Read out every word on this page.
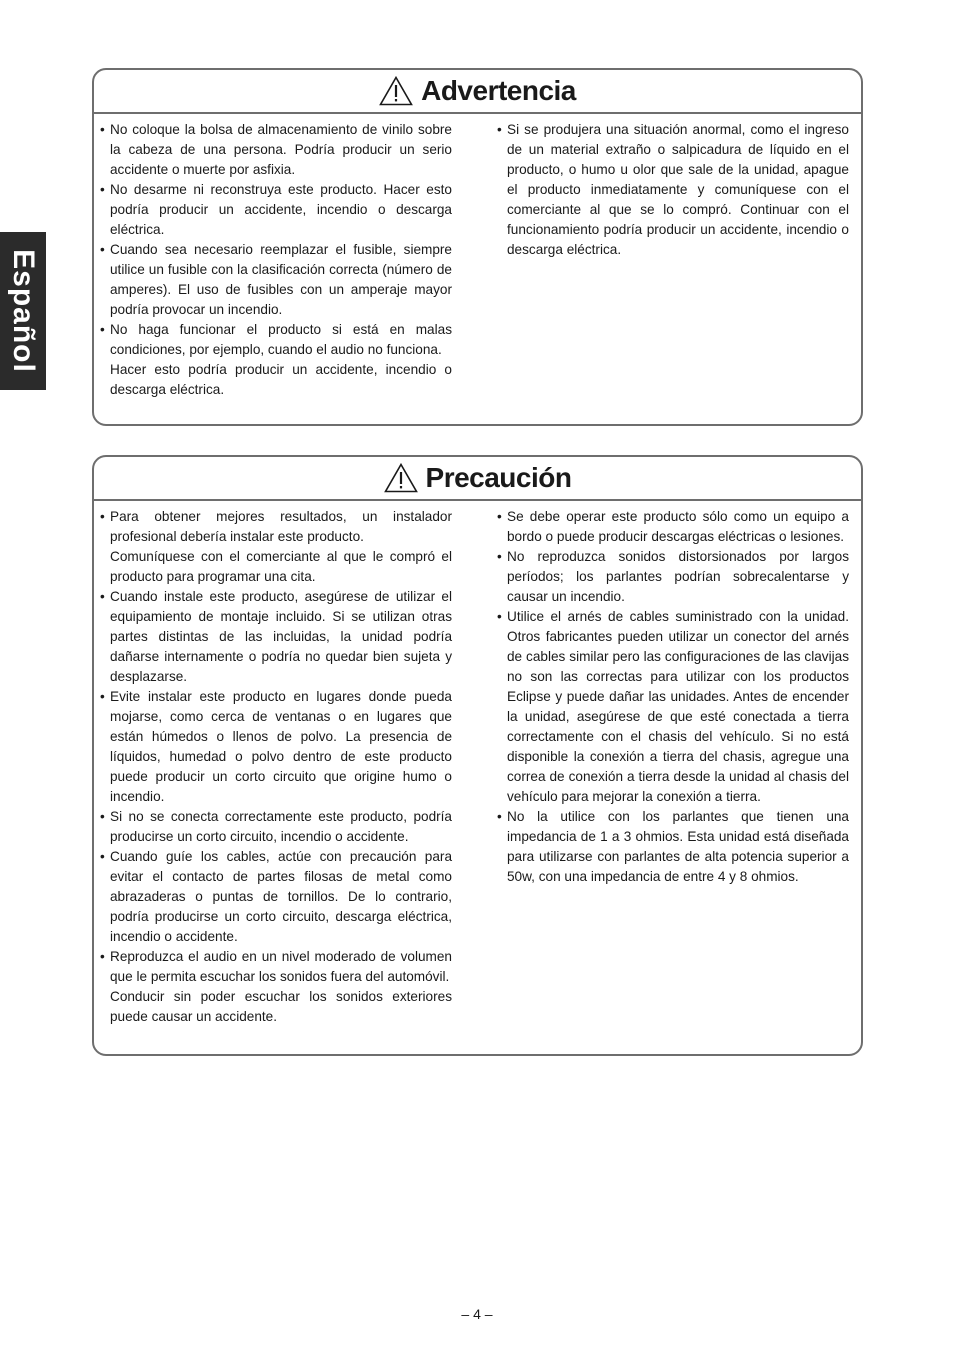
Español
Advertencia

• No coloque la bolsa de almacenamiento de vinilo sobre la cabeza de una persona. Podría producir un serio accidente o muerte por asfixia.

• No desarme ni reconstruya este producto. Hacer esto podría producir un accidente, incendio o descarga eléctrica.

• Cuando sea necesario reemplazar el fusible, siempre utilice un fusible con la clasificación correcta (número de amperes). El uso de fusibles con un amperaje mayor podría provocar un incendio.

• No haga funcionar el producto si está en malas condiciones, por ejemplo, cuando el audio no funciona.

Hacer esto podría producir un accidente, incendio o descarga eléctrica.

• Si se produjera una situación anormal, como el ingreso de un material extraño o salpicadura de líquido en el producto, o humo u olor que sale de la unidad, apague el producto inmediatamente y comuníquese con el comerciante al que se lo compró. Continuar con el funcionamiento podría producir un accidente, incendio o descarga eléctrica.

Precaución

• Para obtener mejores resultados, un instalador profesional debería instalar este producto.

Comuníquese con el comerciante al que le compró el producto para programar una cita.

• Cuando instale este producto, asegúrese de utilizar el equipamiento de montaje incluido. Si se utilizan otras partes distintas de las incluidas, la unidad podría dañarse internamente o podría no quedar bien sujeta y desplazarse.

• Evite instalar este producto en lugares donde pueda mojarse, como cerca de ventanas o en lugares que están húmedos o llenos de polvo. La presencia de líquidos, humedad o polvo dentro de este producto puede producir un corto circuito que origine humo o incendio.

• Si no se conecta correctamente este producto, podría producirse un corto circuito, incendio o accidente.

• Cuando guíe los cables, actúe con precaución para evitar el contacto de partes filosas de metal como abrazaderas o puntas de tornillos. De lo contrario, podría producirse un corto circuito, descarga eléctrica, incendio o accidente.

• Reproduzca el audio en un nivel moderado de volumen que le permita escuchar los sonidos fuera del automóvil.

Conducir sin poder escuchar los sonidos exteriores puede causar un accidente.

• Se debe operar este producto sólo como un equipo a bordo o puede producir descargas eléctricas o lesiones.

• No reproduzca sonidos distorsionados por largos períodos; los parlantes podrían sobrecalentarse y causar un incendio.

• Utilice el arnés de cables suministrado con la unidad. Otros fabricantes pueden utilizar un conector del arnés de cables similar pero las configuraciones de las clavijas no son las correctas para utilizar con los productos Eclipse y puede dañar las unidades. Antes de encender la unidad, asegúrese de que esté conectada a tierra correctamente con el chasis del vehículo. Si no está disponible la conexión a tierra del chasis, agregue una correa de conexión a tierra desde la unidad al chasis del vehículo para mejorar la conexión a tierra.

• No la utilice con los parlantes que tienen una impedancia de 1 a 3 ohmios. Esta unidad está diseñada para utilizarse con parlantes de alta potencia superior a 50w, con una impedancia de entre 4 y 8 ohmios.

– 4 –
